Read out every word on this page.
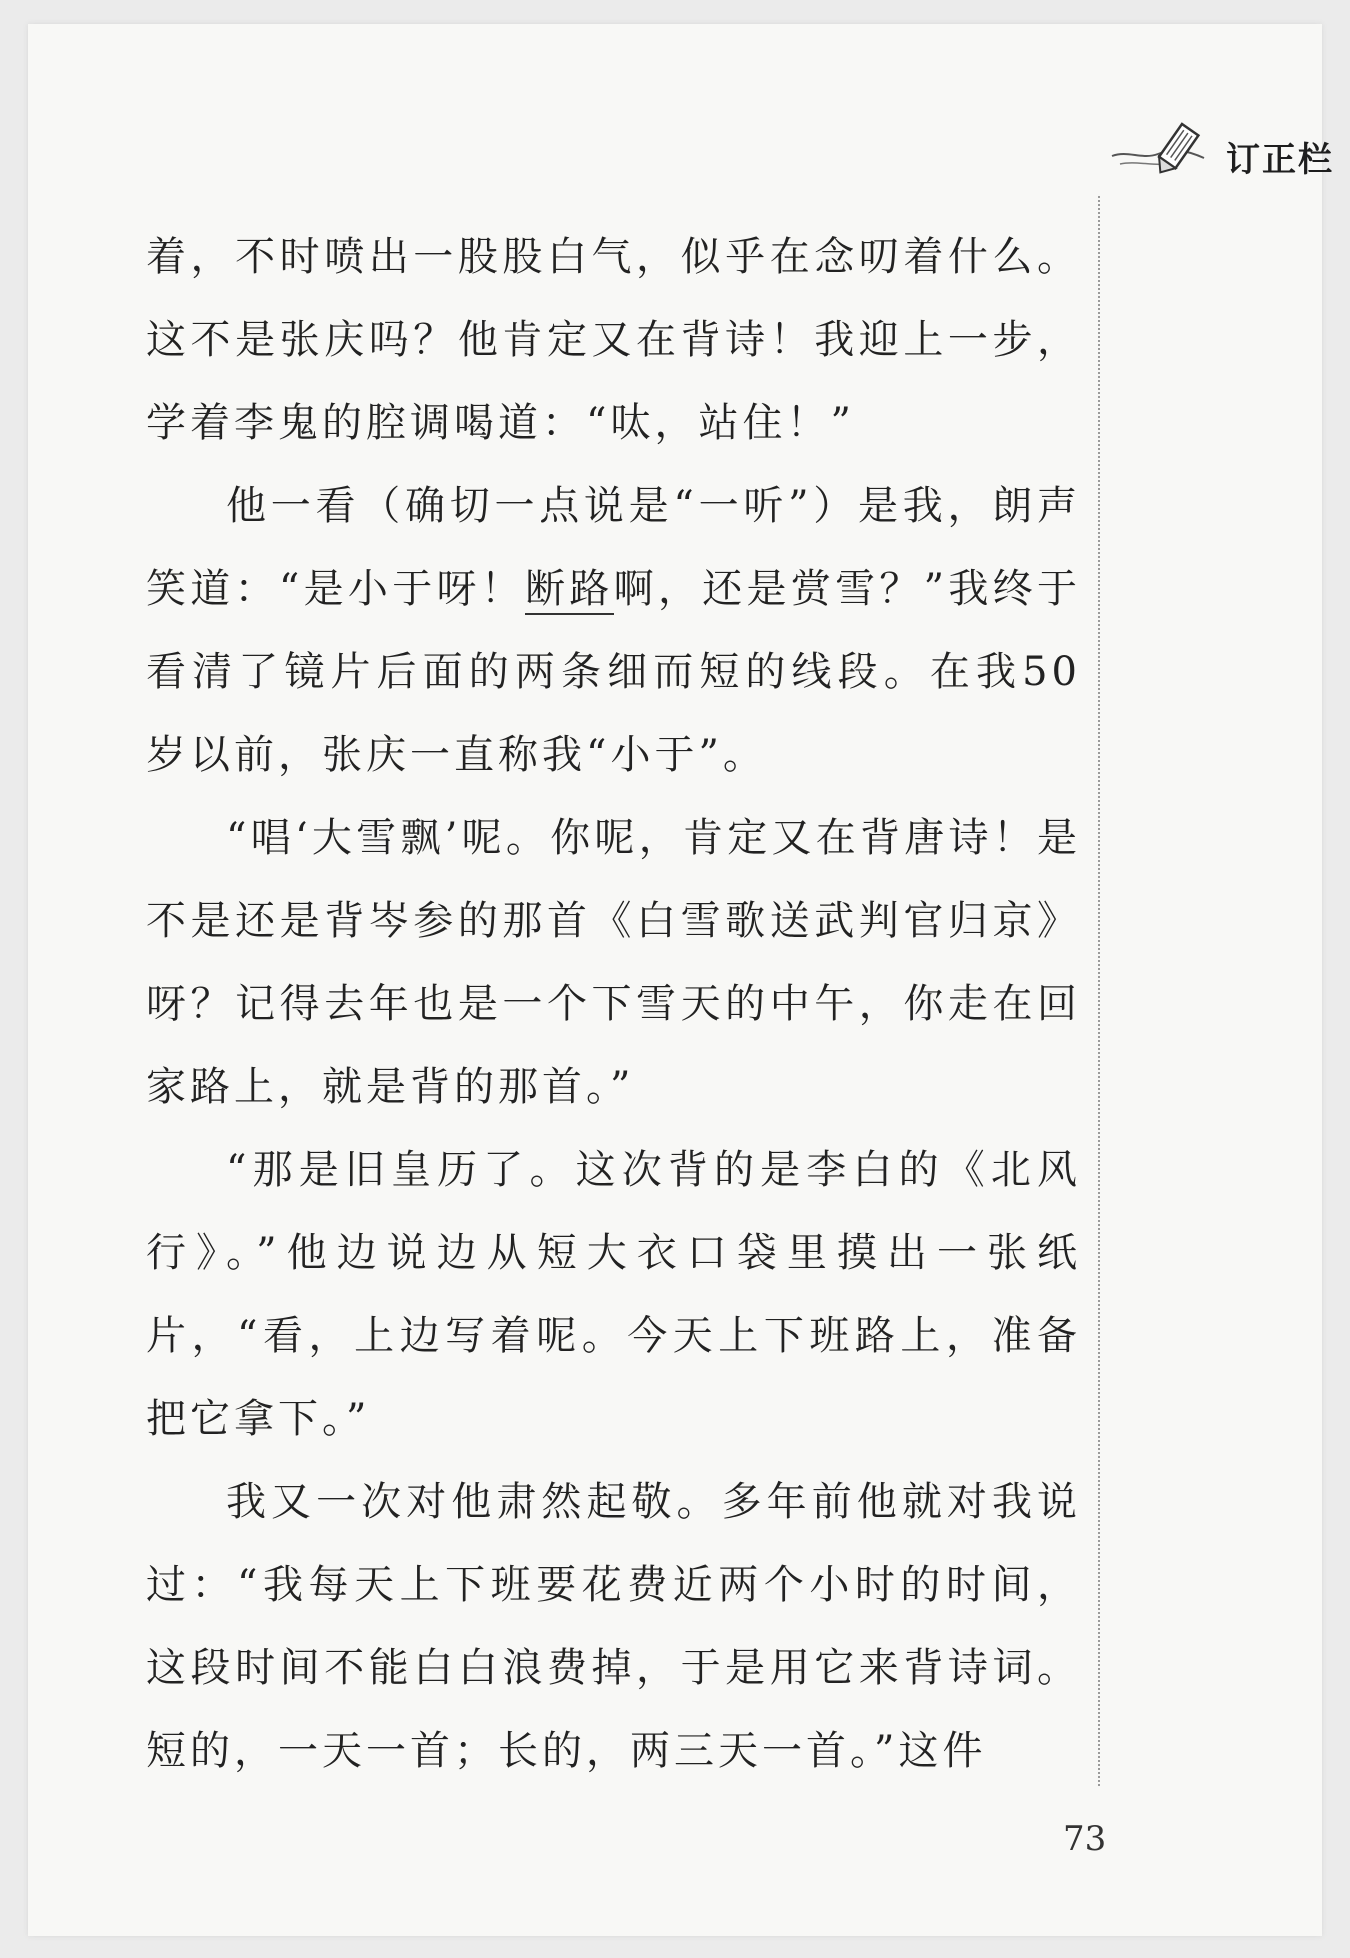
订正栏

着，不时喷出一股股白气，似乎在念叨着什么。这不是张庆吗？他肯定又在背诗！我迎上一步，学着李鬼的腔调喝道：“呔，站住！”

他一看（确切一点说是“一听”）是我，朗声笑道：“是小于呀！断路啊，还是赏雪？”我终于看清了镜片后面的两条细而短的线段。在我50岁以前，张庆一直称我“小于”。

“唱‘大雪飘’呢。你呢，肯定又在背唐诗！是不是还是背岑参的那首《白雪歌送武判官归京》呀？记得去年也是一个下雪天的中午，你走在回家路上，就是背的那首。”

“那是旧皇历了。这次背的是李白的《北风行》。”他边说边从短大衣口袋里摸出一张纸片，“看，上边写着呢。今天上下班路上，准备把它拿下。”

我又一次对他肃然起敬。多年前他就对我说过：“我每天上下班要花费近两个小时的时间，这段时间不能白白浪费掉，于是用它来背诗词。短的，一天一首；长的，两三天一首。”这件

73
